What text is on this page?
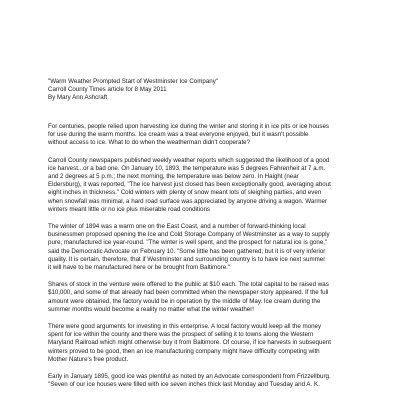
"Warm Weather Prompted Start of Westminster Ice Company"
Carroll County Times article for 8 May 2011
By Mary Ann Ashcraft
For centuries, people relied upon harvesting ice during the winter and storing it in ice pits or ice houses
for use during the warm months. Ice cream was a treat everyone enjoyed, but it wasn't possible
without access to ice. What to do when the weatherman didn't cooperate?
Carroll County newspapers published weekly weather reports which suggested the likelihood of a good
ice harvest...or a bad one. On January 10, 1893, the temperature was 5 degrees Fahrenheit at 7 a.m.
and 2 degrees at 5 p.m.; the next morning, the temperature was below zero. In Haight (near
Eldersburg), it was reported, "The ice harvest just closed has been exceptionally good, averaging about
eight inches in thickness." Cold winters with plenty of snow meant lots of sleighing parties, and even
when snowfall was minimal, a hard road surface was appreciated by anyone driving a wagon. Warmer
winters meant little or no ice plus miserable road conditions
The winter of 1894 was a warm one on the East Coast, and a number of forward-thinking local
businessmen proposed opening the Ice and Cold Storage Company of Westminster as a way to supply
pure, manufactured ice year-round. "The winter is well spent, and the prospect for natural ice is gone,"
said the Democratic Advocate on February 10. "Some little has been gathered, but it is of very inferior
quality. It is certain, therefore, that if Westminster and surrounding country is to have ice next summer
it will have to be manufactured here or be brought from Baltimore."
Shares of stock in the venture were offered to the public at $10 each. The total capital to be raised was
$10,000, and some of that already had been committed when the newspaper story appeared. If the full
amount were obtained, the factory would be in operation by the middle of May. Ice cream during the
summer months would become a reality no matter what the winter weather!
There were good arguments for investing in this enterprise. A local factory would keep all the money
spent for ice within the county and there was the prospect of selling it to towns along the Western
Maryland Railroad which might otherwise buy it from Baltimore. Of course, if ice harvests in subsequent
winters proved to be good, then an ice manufacturing company might have difficulty competing with
Mother Nature's free product.
Early in January 1895, good ice was plentiful as noted by an Advocate correspondent from Frizzellburg.
"Seven of our ice houses were filled with ice seven inches thick last Monday and Tuesday and A. K.
